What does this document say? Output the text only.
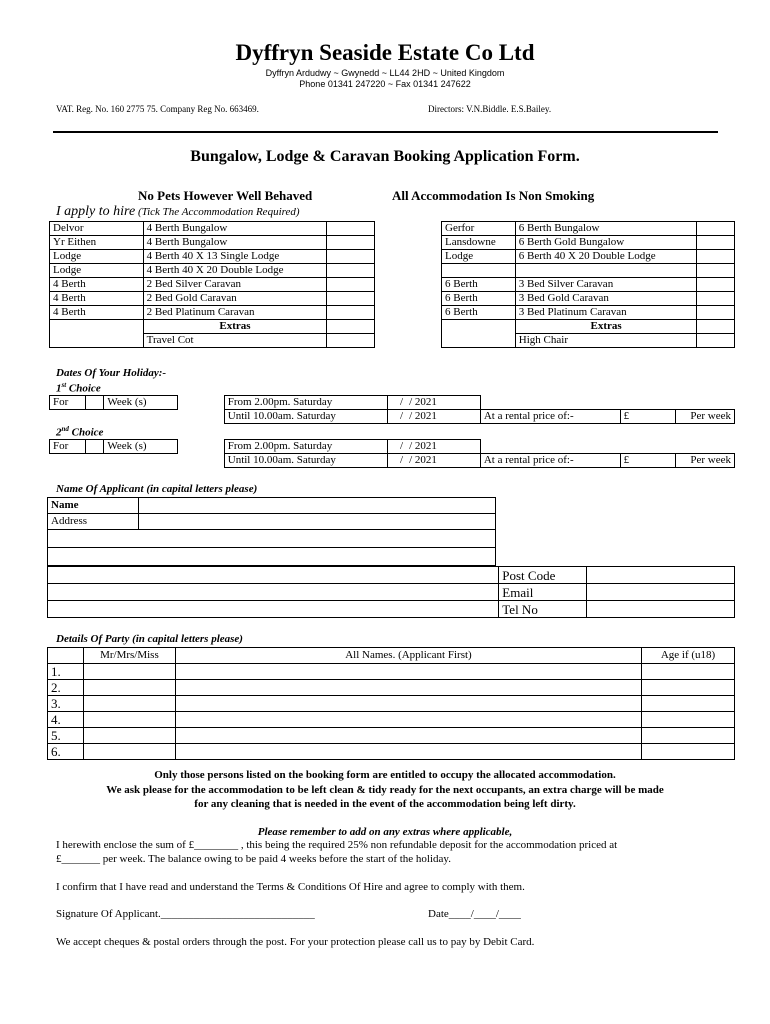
Dyffryn Seaside Estate Co Ltd
Dyffryn Ardudwy ~ Gwynedd ~ LL44 2HD ~ United Kingdom
Phone 01341 247220 ~ Fax 01341 247622
VAT. Reg. No. 160 2775 75. Company Reg No. 663469.	Directors: V.N.Biddle. E.S.Bailey.
Bungalow, Lodge & Caravan Booking Application Form.
No Pets However Well Behaved	All Accommodation Is Non Smoking
I apply to hire (Tick The Accommodation Required)
Delvor	4 Berth Bungalow	
Yr Eithen	4 Berth Bungalow	
Lodge	4 Berth 40 X 13 Single Lodge	
Lodge	4 Berth 40 X 20 Double Lodge	
4 Berth	2 Bed Silver Caravan	
4 Berth	2 Bed Gold Caravan	
4 Berth	2 Bed Platinum Caravan	
	Extras	
	Travel Cot	
Gerfor	6 Berth Bungalow	
Lansdowne	6 Berth Gold Bungalow	
Lodge	6 Berth 40 X 20 Double Lodge	

6 Berth	3 Bed Silver Caravan	
6 Berth	3 Bed Gold Caravan	
6 Berth	3 Bed Platinum Caravan	
	Extras	
	High Chair	
Dates Of Your Holiday:-
1st Choice
For		Week (s)		From 2.00pm. Saturday	/	/ 2021			
				Until 10.00am. Saturday	/	/ 2021	At a rental price of:-	£	Per week
2nd Choice
For		Week (s)		From 2.00pm. Saturday	/	/ 2021			
				Until 10.00am. Saturday	/	/ 2021	At a rental price of:-	£	Per week
Name Of Applicant (in capital letters please)
Name	
Address	

	Post Code	
	Email	
	Tel No	
Details Of Party (in capital letters please)
	Mr/Mrs/Miss	All Names. (Applicant First)	Age if (u18)
1.			
2.			
3.			
4.			
5.			
6.			
Only those persons listed on the booking form are entitled to occupy the allocated accommodation.
We ask please for the accommodation to be left clean & tidy ready for the next occupants, an extra charge will be made
for any cleaning that is needed in the event of the accommodation being left dirty.
Please remember to add on any extras where applicable,
I herewith enclose the sum of £________ , this being the required 25% non refundable deposit for the accommodation priced at
£_______ per week. The balance owing to be paid 4 weeks before the start of the holiday.
I confirm that I have read and understand the Terms & Conditions Of Hire and agree to comply with them.
Signature Of Applicant.____________________________	Date____/____/____
We accept cheques & postal orders through the post. For your protection please call us to pay by Debit Card.
